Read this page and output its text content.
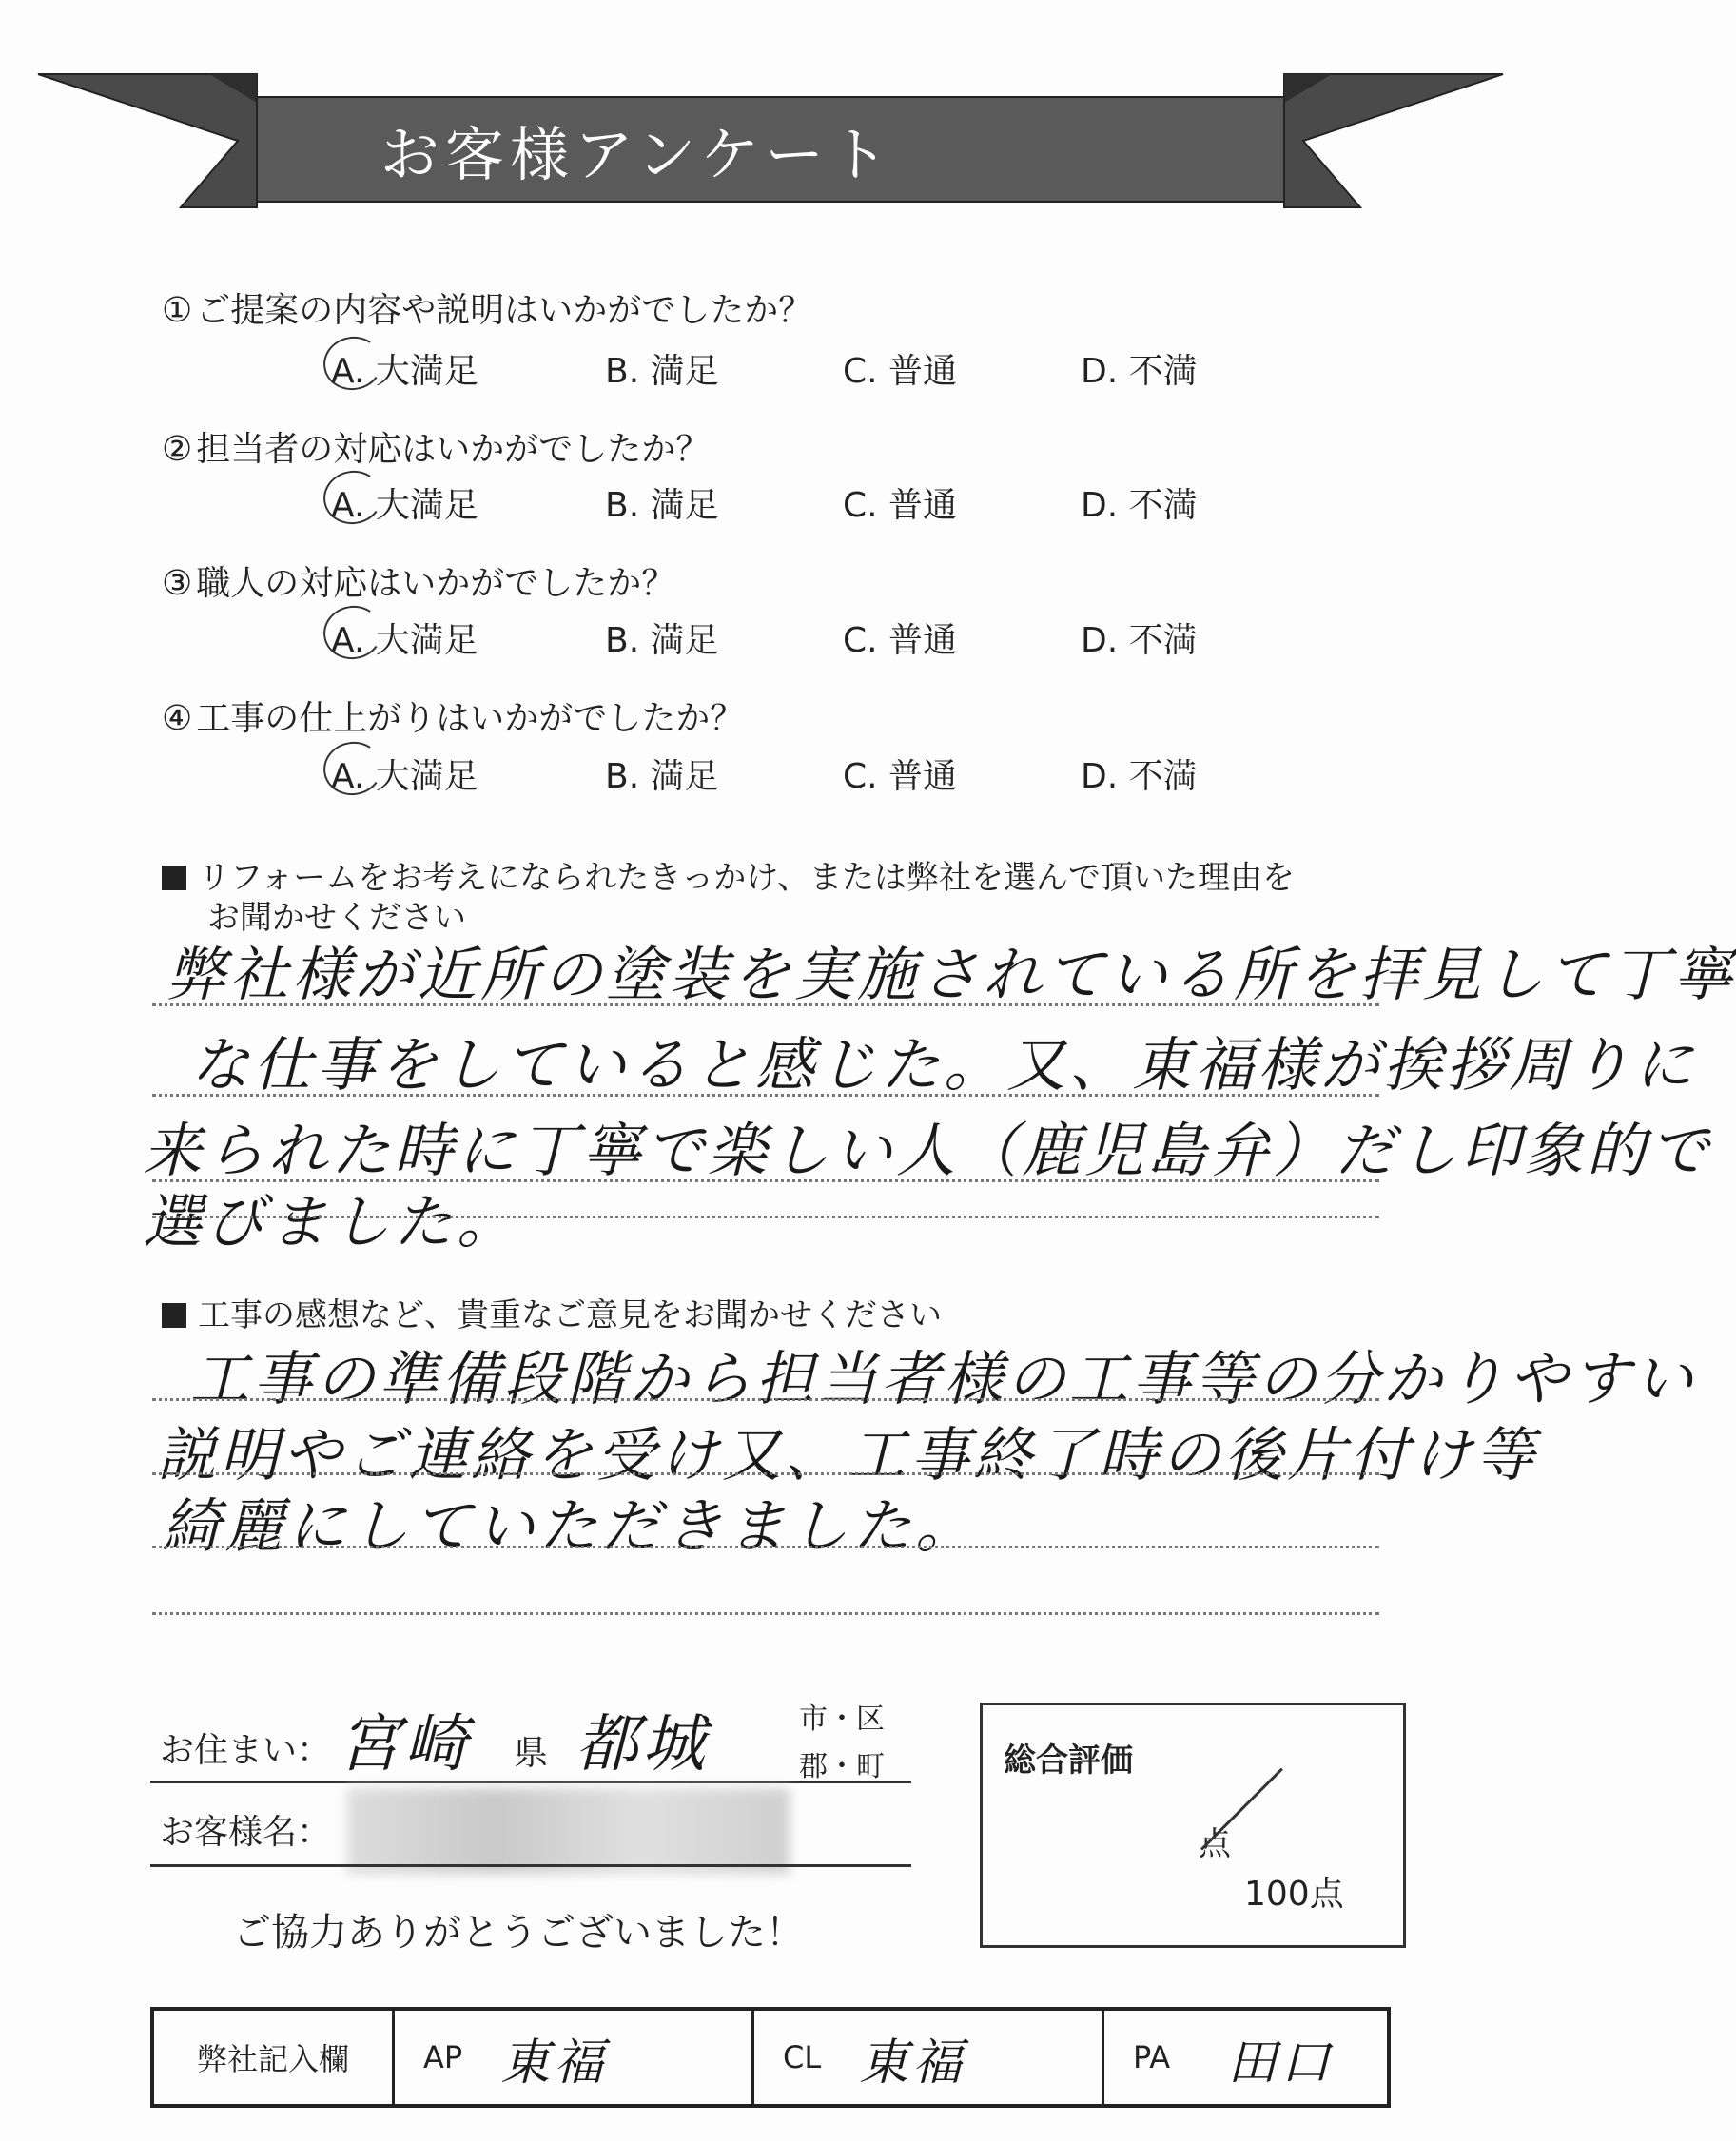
お客様アンケート
① ご提案の内容や説明はいかがでしたか？
A. 大満足	B. 満足	C. 普通	D. 不満
② 担当者の対応はいかがでしたか？
A. 大満足	B. 満足	C. 普通	D. 不満
③ 職人の対応はいかがでしたか？
A. 大満足	B. 満足	C. 普通	D. 不満
④ 工事の仕上がりはいかがでしたか？
A. 大満足	B. 満足	C. 普通	D. 不満
リフォームをお考えになられたきっかけ、または弊社を選んで頂いた理由を
お聞かせください
弊社様が近所の塗装を実施されている所を拝見して丁寧
な仕事をしていると感じた。又、東福様が挨拶周りに
来られた時に丁寧で楽しい人（鹿児島弁）だし印象的で
選びました。
工事の感想など、貴重なご意見をお聞かせください
工事の準備段階から担当者様の工事等の分かりやすい
説明やご連絡を受け又、工事終了時の後片付け等
綺麗にしていただきました。
お住まい： 宮崎 県 都城	市・区
郡・町
お客様名：
ご協力ありがとうございました！
総合評価
点
100点
弊社記入欄	AP 東福	CL 東福	PA 田口
